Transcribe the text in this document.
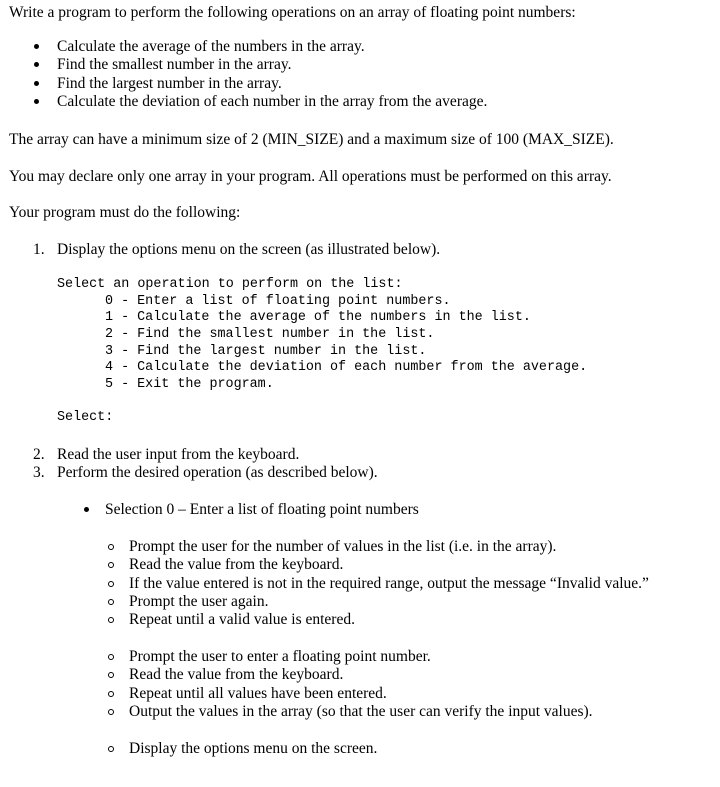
Write a program to perform the following operations on an array of floating point numbers:
Calculate the average of the numbers in the array.
Find the smallest number in the array.
Find the largest number in the array.
Calculate the deviation of each number in the array from the average.
The array can have a minimum size of 2 (MIN_SIZE) and a maximum size of 100 (MAX_SIZE).
You may declare only one array in your program. All operations must be performed on this array.
Your program must do the following:
1. Display the options menu on the screen (as illustrated below).
Select an operation to perform on the list:
0 - Enter a list of floating point numbers.
1 - Calculate the average of the numbers in the list.
2 - Find the smallest number in the list.
3 - Find the largest number in the list.
4 - Calculate the deviation of each number from the average.
5 - Exit the program.
Select:
2. Read the user input from the keyboard.
3. Perform the desired operation (as described below).
Selection 0 – Enter a list of floating point numbers
Prompt the user for the number of values in the list (i.e. in the array).
Read the value from the keyboard.
If the value entered is not in the required range, output the message “Invalid value.”
Prompt the user again.
Repeat until a valid value is entered.
Prompt the user to enter a floating point number.
Read the value from the keyboard.
Repeat until all values have been entered.
Output the values in the array (so that the user can verify the input values).
Display the options menu on the screen.
